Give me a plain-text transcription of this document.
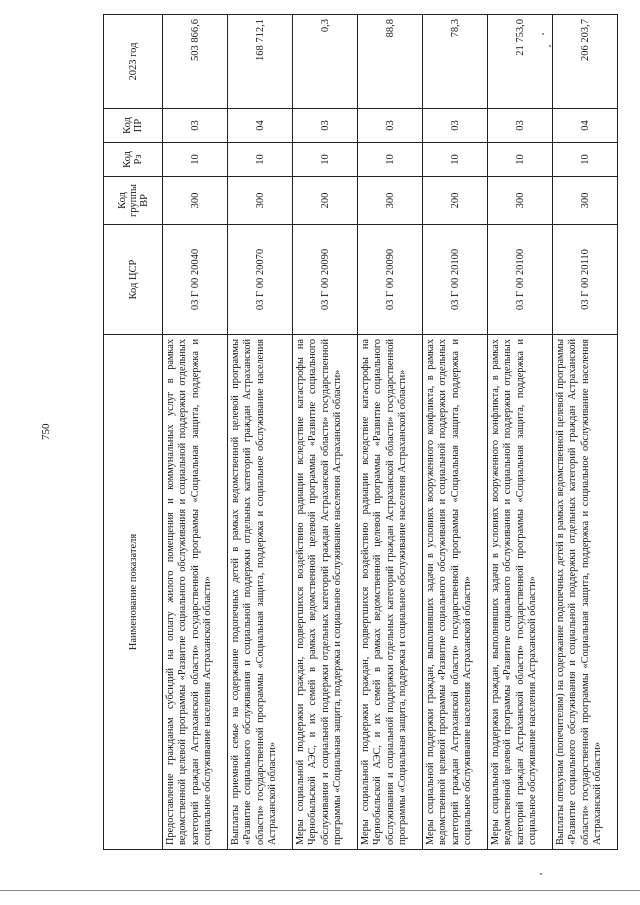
750
Наименование показателя	Код ЦСР	Код группы ВР	Код Рз	Код ПР	2023 год
Предоставление гражданам субсидий на оплату жилого помещения и коммунальных услуг в рамках ведомственной целевой программы «Развитие социального обслуживания и социальной поддержки отдельных категорий граждан Астраханской области» государственной программы «Социальная защита, поддержка и социальное обслуживание населения Астраханской области»	03 Г 00 20040	300	10	03	503 866,6
Выплаты приемной семье на содержание подопечных детей в рамках ведомственной целевой программы «Развитие социального обслуживания и социальной поддержки отдельных категорий граждан Астраханской области» государственной программы «Социальная защита, поддержка и социальное обслуживание населения Астраханской области»	03 Г 00 20070	300	10	04	168 712,1
Меры социальной поддержки граждан, подвергшихся воздействию радиации вследствие катастрофы на Чернобыльской АЭС, и их семей в рамках ведомственной целевой программы «Развитие социального обслуживания и социальной поддержки отдельных категорий граждан Астраханской области» государственной программы «Социальная защита, поддержка и социальное обслуживание населения Астраханской области»	03 Г 00 20090	200	10	03	0,3
Меры социальной поддержки граждан, подвергшихся воздействию радиации вследствие катастрофы на Чернобыльской АЭС, и их семей в рамках ведомственной целевой программы «Развитие социального обслуживания и социальной поддержки отдельных категорий граждан Астраханской области» государственной программы «Социальная защита, поддержка и социальное обслуживание населения Астраханской области»	03 Г 00 20090	300	10	03	88,8
Меры социальной поддержки граждан, выполнявших задачи в условиях вооруженного конфликта, в рамках ведомственной целевой программы «Развитие социального обслуживания и социальной поддержки отдельных категорий граждан Астраханской области» государственной программы «Социальная защита, поддержка и социальное обслуживание населения Астраханской области»	03 Г 00 20100	200	10	03	78,3
Меры социальной поддержки граждан, выполнявших задачи в условиях вооруженного конфликта, в рамках ведомственной целевой программы «Развитие социального обслуживания и социальной поддержки отдельных категорий граждан Астраханской области» государственной программы «Социальная защита, поддержка и социальное обслуживание населения Астраханской области»	03 Г 00 20100	300	10	03	21 753,0
Выплаты опекунам (попечителям) на содержание подопечных детей в рамках ведомственной целевой программы «Развитие социального обслуживания и социальной поддержки отдельных категорий граждан Астраханской области» государственной программы «Социальная защита, поддержка и социальное обслуживание населения Астраханской области»	03 Г 00 20110	300	10	04	206 203,7
